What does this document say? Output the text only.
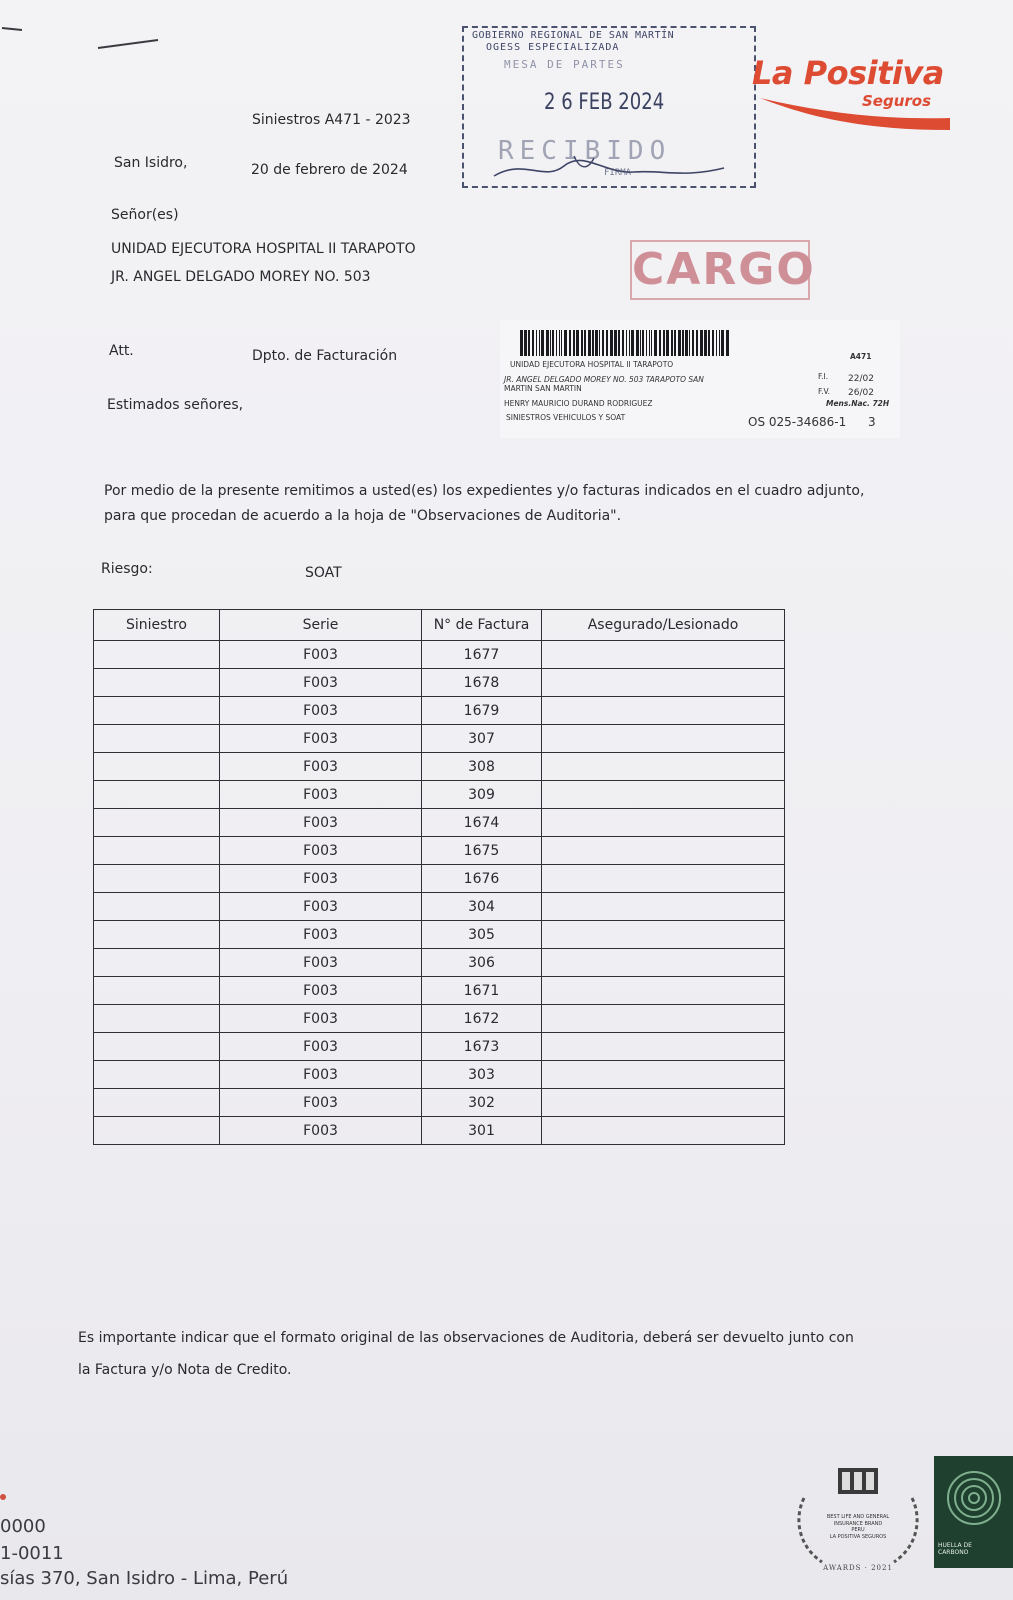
GOBIERNO REGIONAL DE SAN MARTÍN
OGESS ESPECIALIZADA
MESA DE PARTES
2 6 FEB 2024
RECIBIDO
FIRMA
La Positiva
Seguros
Siniestros A471 - 2023
San Isidro,	20 de febrero de 2024
Señor(es)
UNIDAD EJECUTORA HOSPITAL II TARAPOTO
JR. ANGEL DELGADO MOREY NO. 503	CARGO
Att.	Dpto. de Facturación
Estimados señores,
A471
UNIDAD EJECUTORA HOSPITAL II TARAPOTO
JR. ANGEL DELGADO MOREY NO. 503 TARAPOTO SAN
MARTIN SAN MARTIN
F.I. 22/02
F.V. 26/02
HENRY MAURICIO DURAND RODRIGUEZ	Mens.Nac. 72H
SINIESTROS VEHICULOS Y SOAT	OS 025-34686-1 3
Por medio de la presente remitimos a usted(es) los expedientes y/o facturas indicados en el cuadro adjunto,
para que procedan de acuerdo a la hoja de "Observaciones de Auditoria".
Riesgo:	SOAT
Siniestro	Serie	N° de Factura	Asegurado/Lesionado
	F003	1677	
	F003	1678	
	F003	1679	
	F003	307	
	F003	308	
	F003	309	
	F003	1674	
	F003	1675	
	F003	1676	
	F003	304	
	F003	305	
	F003	306	
	F003	1671	
	F003	1672	
	F003	1673	
	F003	303	
	F003	302	
	F003	301	
Es importante indicar que el formato original de las observaciones de Auditoria, deberá ser devuelto junto con
la Factura y/o Nota de Credito.
0000
1-0011
sías 370, San Isidro - Lima, Perú
BEST LIFE AND GENERAL
INSURANCE BRAND
PERU
LA POSITIVA SEGUROS
AWARDS · 2021
HUELLA DE
CARBONO
